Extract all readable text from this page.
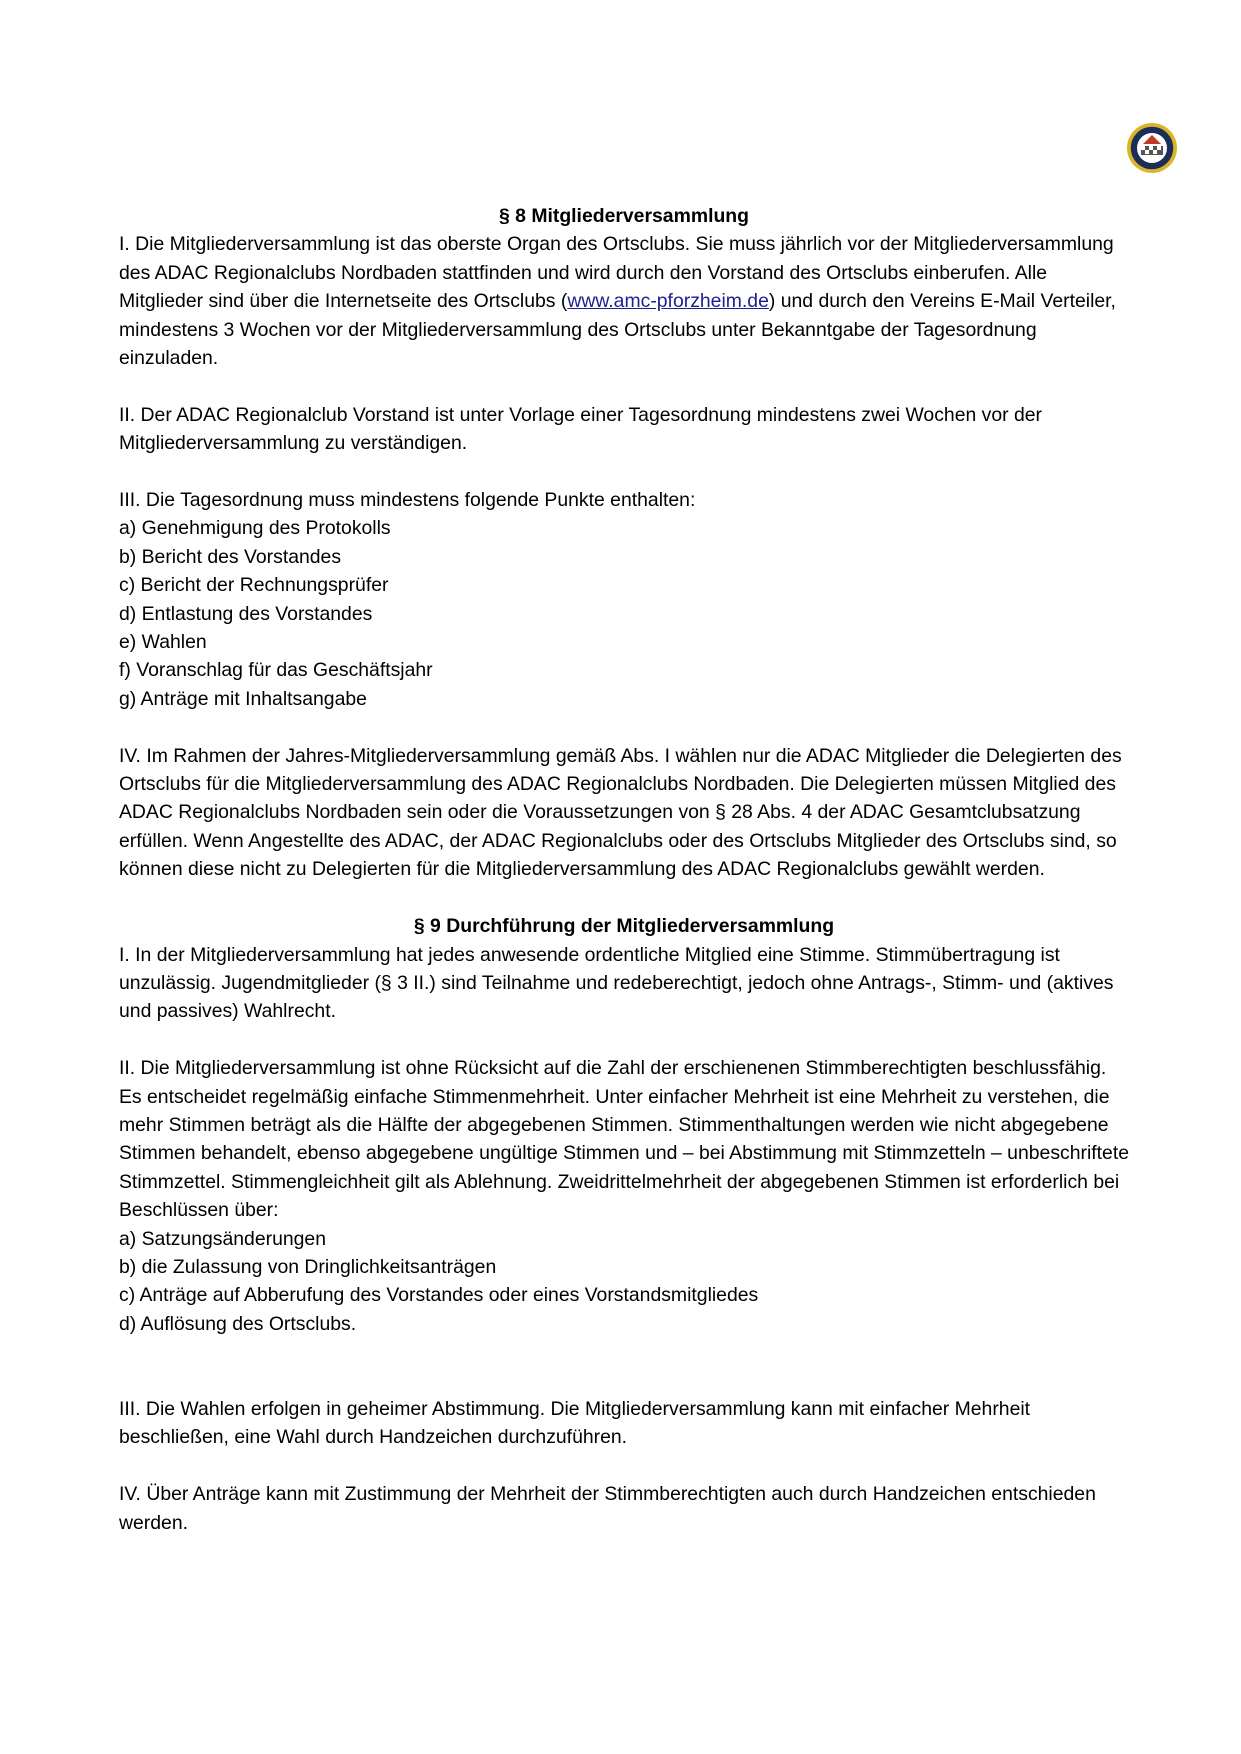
§ 8 Mitgliederversammlung

I. Die Mitgliederversammlung ist das oberste Organ des Ortsclubs. Sie muss jährlich vor der Mitgliederversammlung des ADAC Regionalclubs Nordbaden stattfinden und wird durch den Vorstand des Ortsclubs einberufen. Alle Mitglieder sind über die Internetseite des Ortsclubs (www.amc-pforzheim.de) und durch den Vereins E-Mail Verteiler, mindestens 3 Wochen vor der Mitgliederversammlung des Ortsclubs unter Bekanntgabe der Tagesordnung einzuladen.

II. Der ADAC Regionalclub Vorstand ist unter Vorlage einer Tagesordnung mindestens zwei Wochen vor der Mitgliederversammlung zu verständigen.

III. Die Tagesordnung muss mindestens folgende Punkte enthalten:

a) Genehmigung des Protokolls

b) Bericht des Vorstandes

c) Bericht der Rechnungsprüfer

d) Entlastung des Vorstandes

e) Wahlen

f) Voranschlag für das Geschäftsjahr

g) Anträge mit Inhaltsangabe

IV. Im Rahmen der Jahres-Mitgliederversammlung gemäß Abs. I wählen nur die ADAC Mitglieder die Delegierten des Ortsclubs für die Mitgliederversammlung des ADAC Regionalclubs Nordbaden. Die Delegierten müssen Mitglied des ADAC Regionalclubs Nordbaden sein oder die Voraussetzungen von § 28 Abs. 4 der ADAC Gesamtclubsatzung erfüllen. Wenn Angestellte des ADAC, der ADAC Regionalclubs oder des Ortsclubs Mitglieder des Ortsclubs sind, so können diese nicht zu Delegierten für die Mitgliederversammlung des ADAC Regionalclubs gewählt werden.

§ 9 Durchführung der Mitgliederversammlung

I. In der Mitgliederversammlung hat jedes anwesende ordentliche Mitglied eine Stimme. Stimmübertragung ist unzulässig. Jugendmitglieder (§ 3 II.) sind Teilnahme und redeberechtigt, jedoch ohne Antrags-, Stimm- und (aktives und passives) Wahlrecht.

II. Die Mitgliederversammlung ist ohne Rücksicht auf die Zahl der erschienenen Stimmberechtigten beschlussfähig. Es entscheidet regelmäßig einfache Stimmenmehrheit. Unter einfacher Mehrheit ist eine Mehrheit zu verstehen, die mehr Stimmen beträgt als die Hälfte der abgegebenen Stimmen. Stimmenthaltungen werden wie nicht abgegebene Stimmen behandelt, ebenso abgegebene ungültige Stimmen und – bei Abstimmung mit Stimmzetteln – unbeschriftete Stimmzettel. Stimmengleichheit gilt als Ablehnung. Zweidrittelmehrheit der abgegebenen Stimmen ist erforderlich bei Beschlüssen über:

a) Satzungsänderungen

b) die Zulassung von Dringlichkeitsanträgen

c) Anträge auf Abberufung des Vorstandes oder eines Vorstandsmitgliedes

d) Auflösung des Ortsclubs.

III. Die Wahlen erfolgen in geheimer Abstimmung. Die Mitgliederversammlung kann mit einfacher Mehrheit beschließen, eine Wahl durch Handzeichen durchzuführen.

IV. Über Anträge kann mit Zustimmung der Mehrheit der Stimmberechtigten auch durch Handzeichen entschieden werden.
